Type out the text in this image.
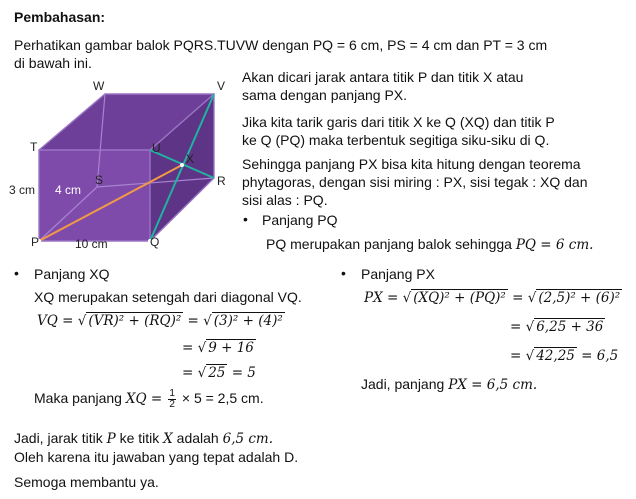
Pembahasan:
Perhatikan gambar balok PQRS.TUVW dengan PQ = 6 cm, PS = 4 cm dan PT = 3 cm
di bawah ini.
W	V
T	U
X
S	R
P	Q
3 cm 4 cm
10 cm
Akan dicari jarak antara titik P dan titik X atau
sama dengan panjang PX.
Jika kita tarik garis dari titik X ke Q (XQ) dan titik P
ke Q (PQ) maka terbentuk segitiga siku-siku di Q.
Sehingga panjang PX bisa kita hitung dengan teorema
phytagoras, dengan sisi miring : PX, sisi tegak : XQ dan
sisi alas : PQ.
• Panjang PQ
PQ merupakan panjang balok sehingga PQ = 6 cm.
• Panjang XQ
XQ merupakan setengah dari diagonal VQ.
VQ = √ (VR)² + (RQ)² = √ (3)² + (4)²
= √ 9 + 16
= √ 25 = 5
Maka panjang XQ = $\frac{1}{2} \times 5 = 2,5$ cm.
• Panjang PX
PX = √ (XQ)² + (PQ)² = √ (2,5)² + (6)²
= √ 6,25 + 36
= √ 42,25 = 6,5
Jadi, panjang PX = 6,5 cm.
Jadi, jarak titik P ke titik X adalah 6,5 cm.
Oleh karena itu jawaban yang tepat adalah D.
Semoga membantu ya.
